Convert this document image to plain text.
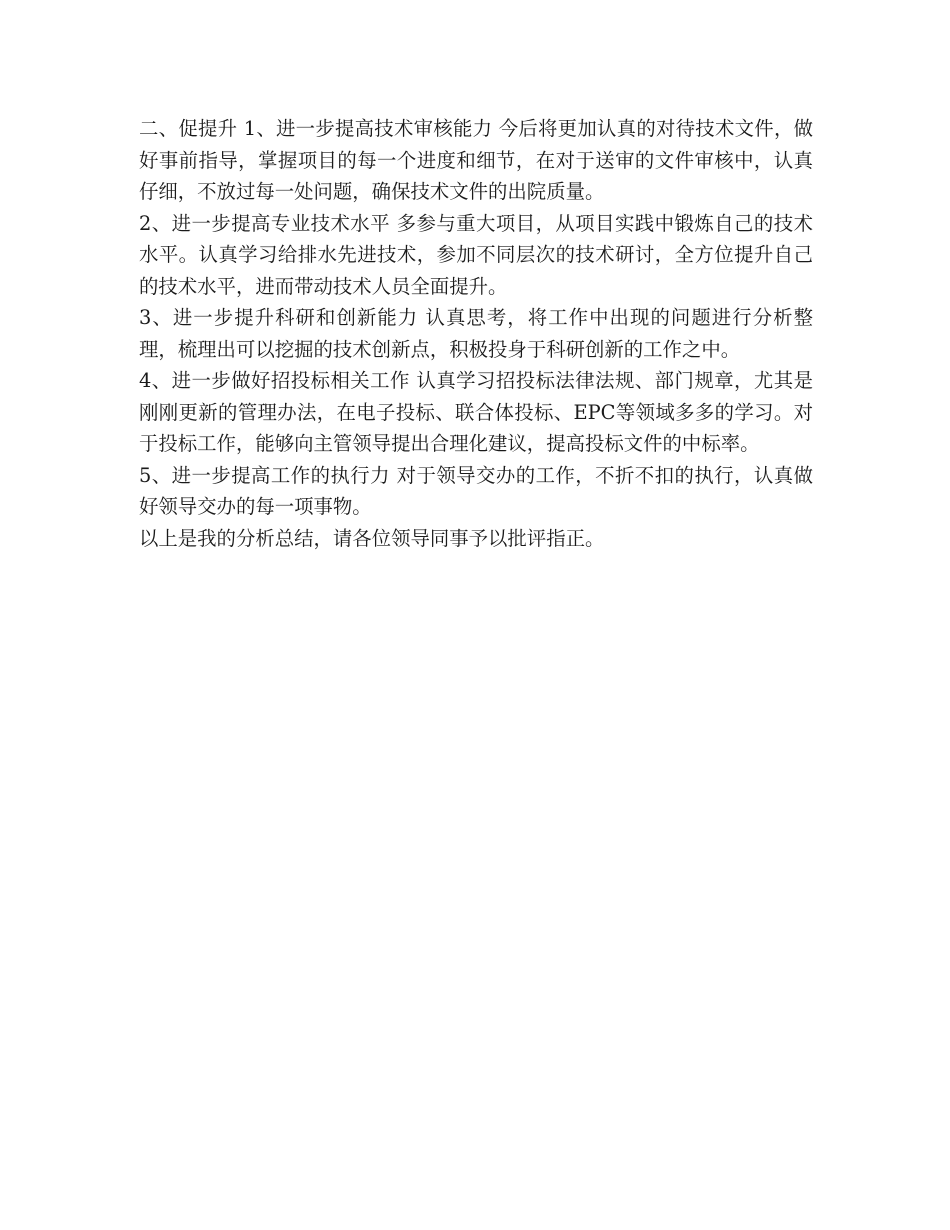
二、促提升 1、进一步提高技术审核能力 今后将更加认真的对待技术文件，做好事前指导，掌握项目的每一个进度和细节，在对于送审的文件审核中，认真仔细，不放过每一处问题，确保技术文件的出院质量。

2、进一步提高专业技术水平 多参与重大项目，从项目实践中锻炼自己的技术水平。认真学习给排水先进技术，参加不同层次的技术研讨，全方位提升自己的技术水平，进而带动技术人员全面提升。

3、进一步提升科研和创新能力 认真思考，将工作中出现的问题进行分析整理，梳理出可以挖掘的技术创新点，积极投身于科研创新的工作之中。

4、进一步做好招投标相关工作 认真学习招投标法律法规、部门规章，尤其是刚刚更新的管理办法，在电子投标、联合体投标、EPC等领域多多的学习。对于投标工作，能够向主管领导提出合理化建议，提高投标文件的中标率。

5、进一步提高工作的执行力 对于领导交办的工作，不折不扣的执行，认真做好领导交办的每一项事物。

以上是我的分析总结，请各位领导同事予以批评指正。
